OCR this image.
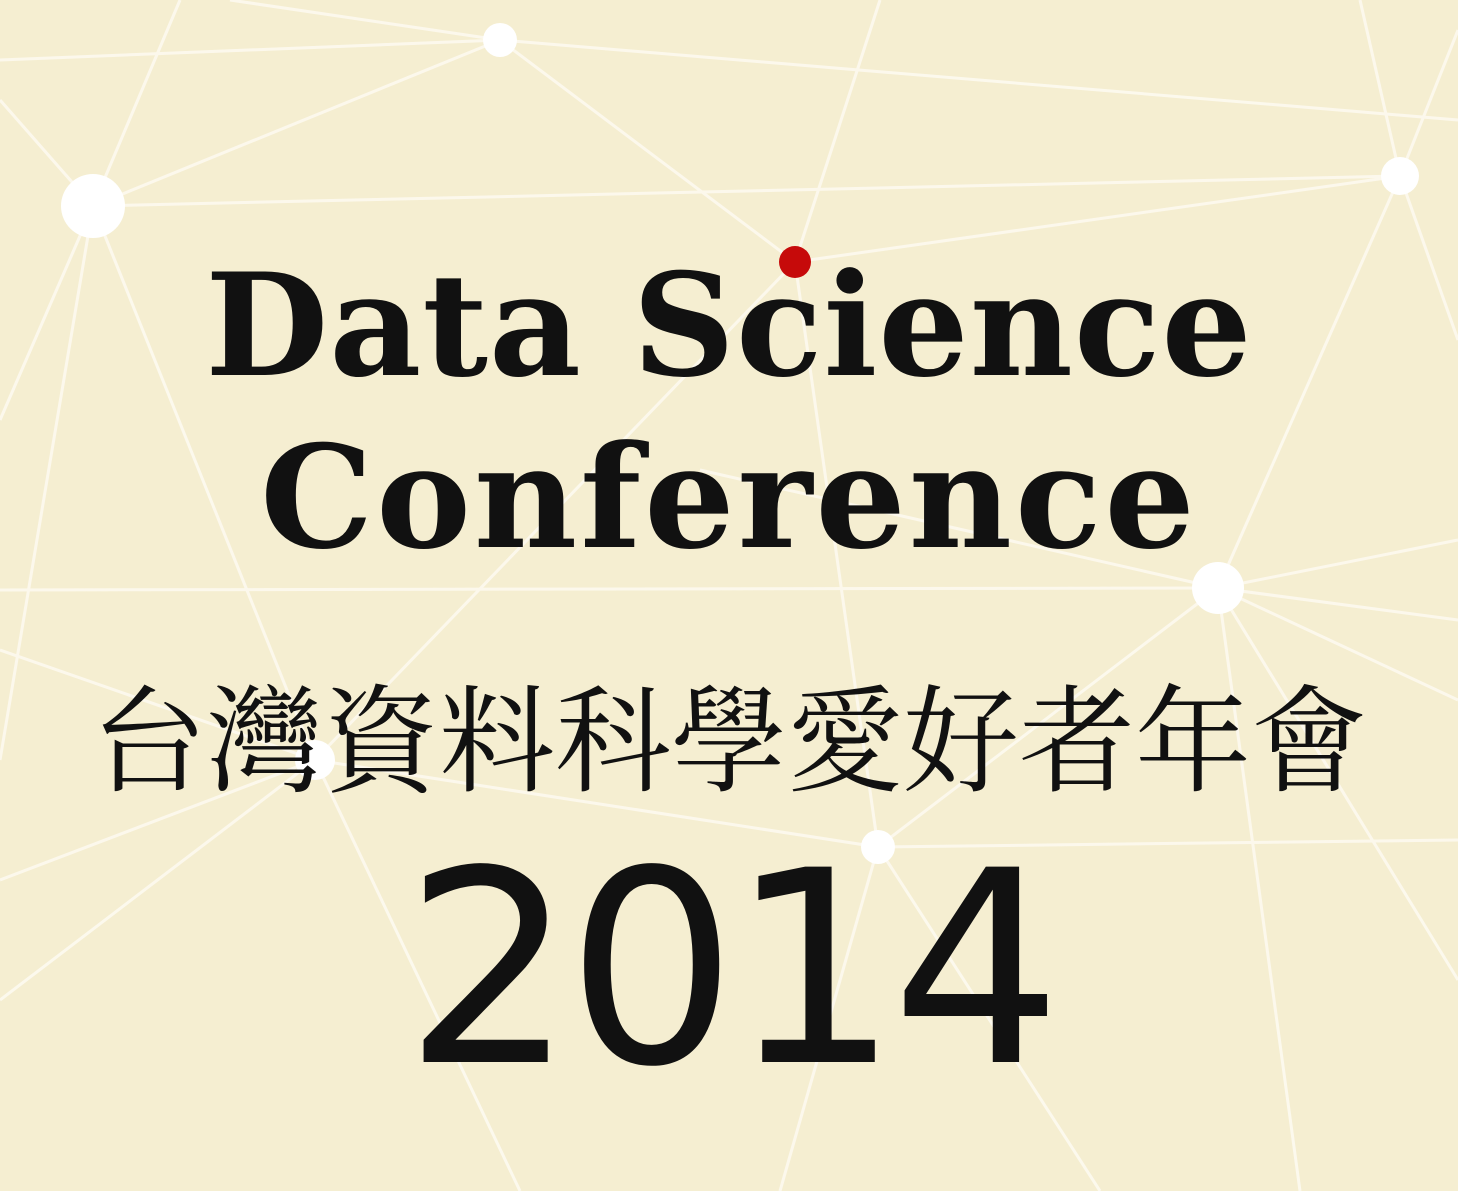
Data Science
Conference
台灣資料科學愛好者年會
2014
